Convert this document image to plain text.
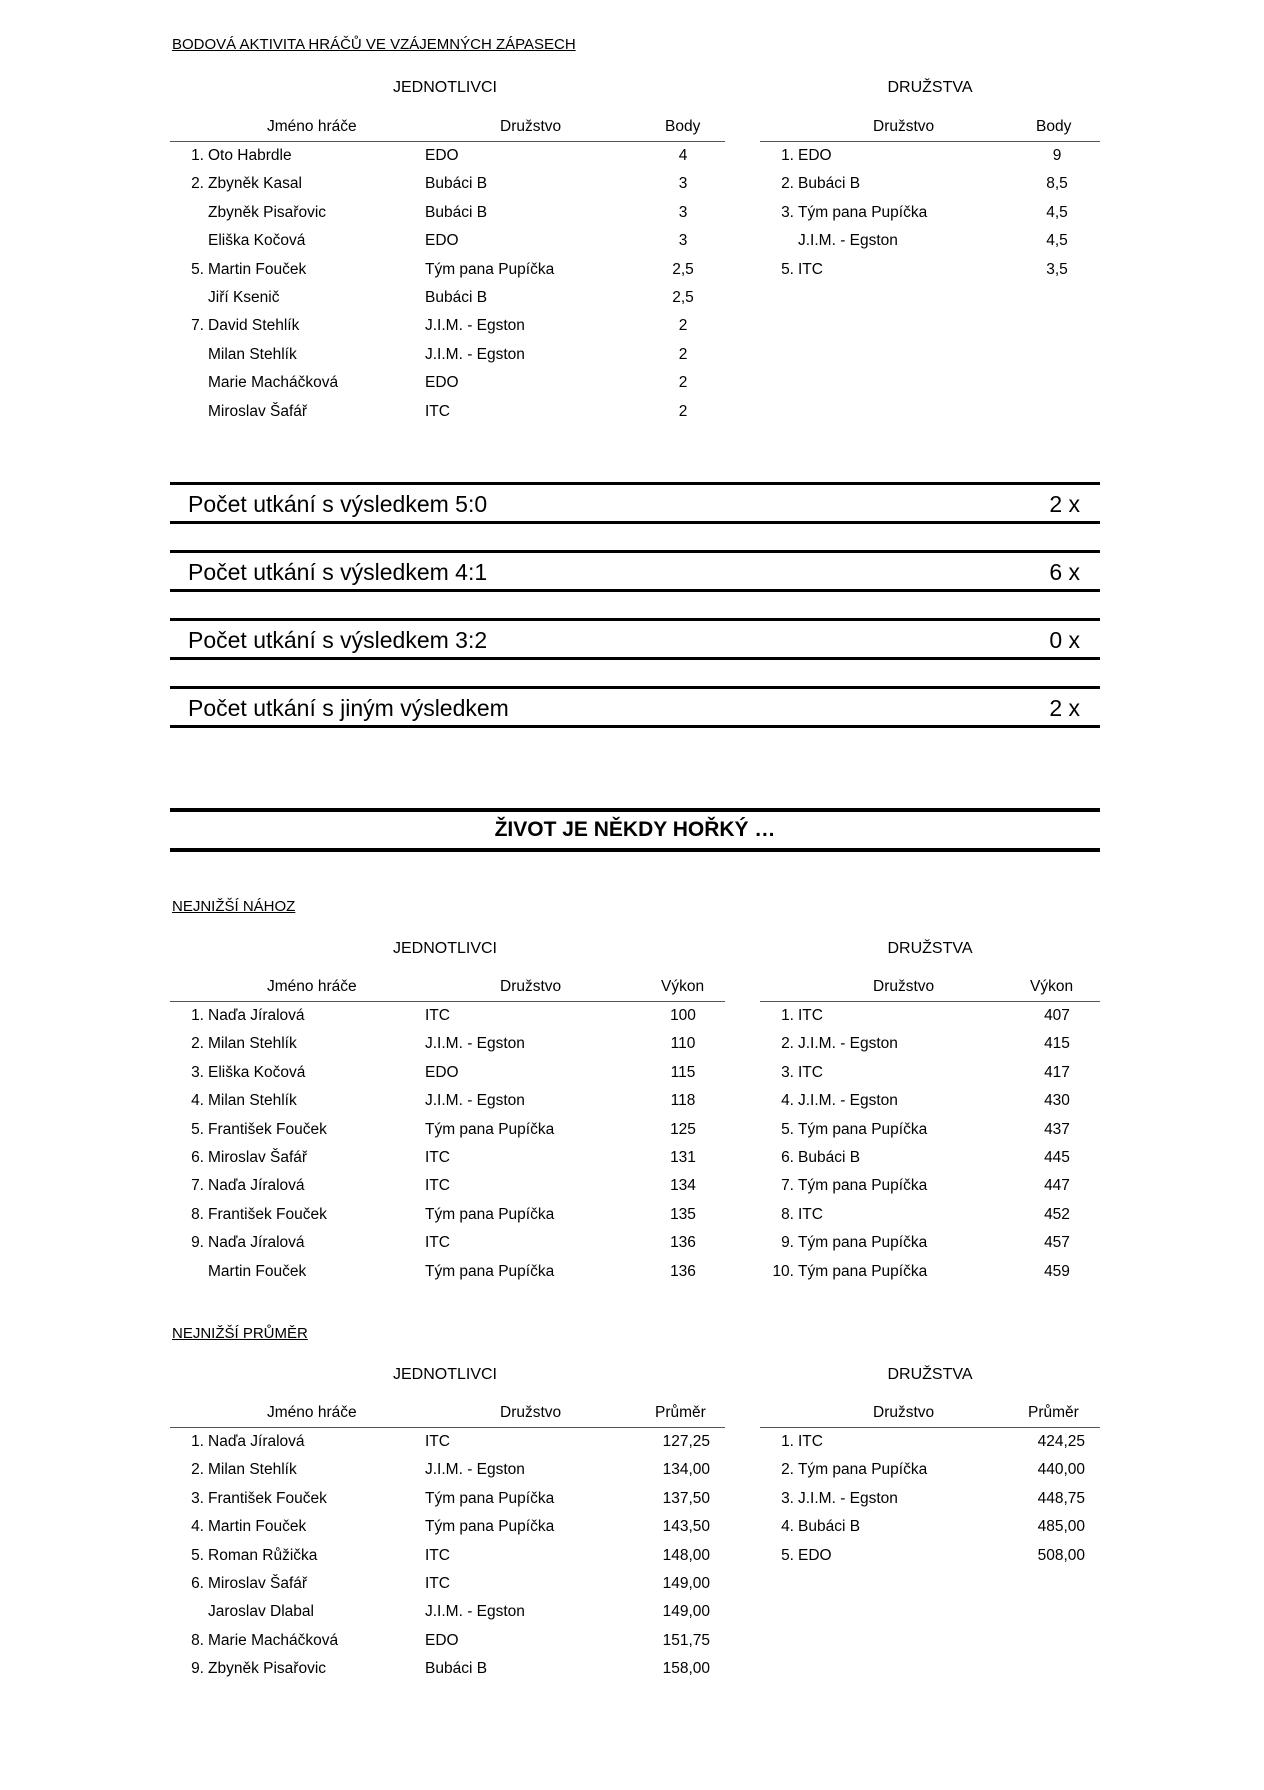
BODOVÁ AKTIVITA HRÁČŮ VE VZÁJEMNÝCH ZÁPASECH
JEDNOTLIVCI	DRUŽSTVA
Jméno hráče	Družstvo	Body
1. Oto Habrdle	EDO	4
2. Zbyněk Kasal	Bubáci B	3
Zbyněk Pisařovic	Bubáci B	3
Eliška Kočová	EDO	3
5. Martin Fouček	Tým pana Pupíčka	2,5
Jiří Ksenič	Bubáci B	2,5
7. David Stehlík	J.I.M. - Egston	2
Milan Stehlík	J.I.M. - Egston	2
Marie Macháčková	EDO	2
Miroslav Šafář	ITC	2
Družstvo	Body
1. EDO	9
2. Bubáci B	8,5
3. Tým pana Pupíčka	4,5
J.I.M. - Egston	4,5
5. ITC	3,5
Počet utkání s výsledkem 5:0	2 x
Počet utkání s výsledkem 4:1	6 x
Počet utkání s výsledkem 3:2	0 x
Počet utkání s jiným výsledkem	2 x
ŽIVOT JE NĚKDY HOŘKÝ …
NEJNIŽŠÍ NÁHOZ
JEDNOTLIVCI	DRUŽSTVA
Jméno hráče	Družstvo	Výkon
1. Naďa Jíralová	ITC	100
2. Milan Stehlík	J.I.M. - Egston	110
3. Eliška Kočová	EDO	115
4. Milan Stehlík	J.I.M. - Egston	118
5. František Fouček	Tým pana Pupíčka	125
6. Miroslav Šafář	ITC	131
7. Naďa Jíralová	ITC	134
8. František Fouček	Tým pana Pupíčka	135
9. Naďa Jíralová	ITC	136
Martin Fouček	Tým pana Pupíčka	136
Družstvo	Výkon
1. ITC	407
2. J.I.M. - Egston	415
3. ITC	417
4. J.I.M. - Egston	430
5. Tým pana Pupíčka	437
6. Bubáci B	445
7. Tým pana Pupíčka	447
8. ITC	452
9. Tým pana Pupíčka	457
10. Tým pana Pupíčka	459
NEJNIŽŠÍ PRŮMĚR
JEDNOTLIVCI	DRUŽSTVA
Jméno hráče	Družstvo	Průměr
1. Naďa Jíralová	ITC	127,25
2. Milan Stehlík	J.I.M. - Egston	134,00
3. František Fouček	Tým pana Pupíčka	137,50
4. Martin Fouček	Tým pana Pupíčka	143,50
5. Roman Růžička	ITC	148,00
6. Miroslav Šafář	ITC	149,00
Jaroslav Dlabal	J.I.M. - Egston	149,00
8. Marie Macháčková	EDO	151,75
9. Zbyněk Pisařovic	Bubáci B	158,00
Družstvo	Průměr
1. ITC	424,25
2. Tým pana Pupíčka	440,00
3. J.I.M. - Egston	448,75
4. Bubáci B	485,00
5. EDO	508,00
